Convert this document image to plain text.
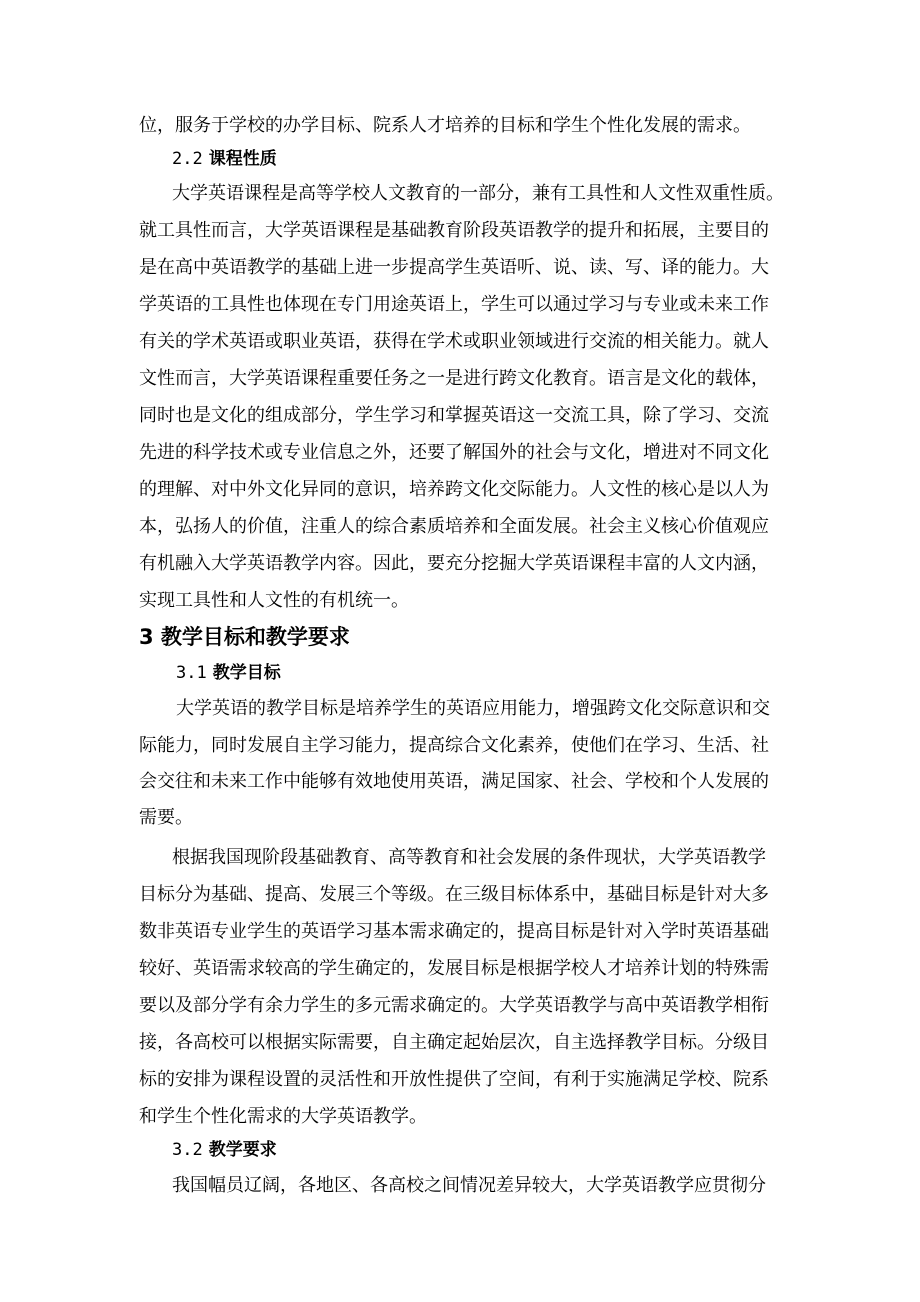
位，服务于学校的办学目标、院系人才培养的目标和学生个性化发展的需求。
2.2 课程性质
大学英语课程是高等学校人文教育的一部分，兼有工具性和人文性双重性质。
就工具性而言，大学英语课程是基础教育阶段英语教学的提升和拓展，主要目的
是在高中英语教学的基础上进一步提高学生英语听、说、读、写、译的能力。大
学英语的工具性也体现在专门用途英语上，学生可以通过学习与专业或未来工作
有关的学术英语或职业英语，获得在学术或职业领域进行交流的相关能力。就人
文性而言，大学英语课程重要任务之一是进行跨文化教育。语言是文化的载体，
同时也是文化的组成部分，学生学习和掌握英语这一交流工具，除了学习、交流
先进的科学技术或专业信息之外，还要了解国外的社会与文化，增进对不同文化
的理解、对中外文化异同的意识，培养跨文化交际能力。人文性的核心是以人为
本，弘扬人的价值，注重人的综合素质培养和全面发展。社会主义核心价值观应
有机融入大学英语教学内容。因此，要充分挖掘大学英语课程丰富的人文内涵，
实现工具性和人文性的有机统一。
3 教学目标和教学要求
3.1 教学目标
大学英语的教学目标是培养学生的英语应用能力，增强跨文化交际意识和交
际能力，同时发展自主学习能力，提高综合文化素养，使他们在学习、生活、社
会交往和未来工作中能够有效地使用英语，满足国家、社会、学校和个人发展的
需要。
根据我国现阶段基础教育、高等教育和社会发展的条件现状，大学英语教学
目标分为基础、提高、发展三个等级。在三级目标体系中，基础目标是针对大多
数非英语专业学生的英语学习基本需求确定的，提高目标是针对入学时英语基础
较好、英语需求较高的学生确定的，发展目标是根据学校人才培养计划的特殊需
要以及部分学有余力学生的多元需求确定的。大学英语教学与高中英语教学相衔
接，各高校可以根据实际需要，自主确定起始层次，自主选择教学目标。分级目
标的安排为课程设置的灵活性和开放性提供了空间，有利于实施满足学校、院系
和学生个性化需求的大学英语教学。
3.2 教学要求
我国幅员辽阔，各地区、各高校之间情况差异较大，大学英语教学应贯彻分
